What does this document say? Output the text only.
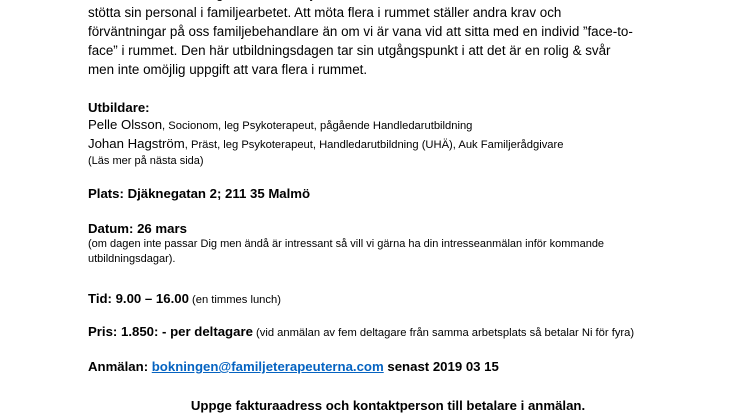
stötta sin personal i familjearbetet. Att möta flera i rummet ställer andra krav och
förväntningar på oss familjebehandlare än om vi är vana vid att sitta med en individ ”face-to-
face” i rummet. Den här utbildningsdagen tar sin utgångspunkt i att det är en rolig & svår
men inte omöjlig uppgift att vara flera i rummet.
Utbildare:
Pelle Olsson, Socionom, leg Psykoterapeut, pågående Handledarutbildning
Johan Hagström, Präst, leg Psykoterapeut, Handledarutbildning (UHÄ), Auk Familjerådgivare
(Läs mer på nästa sida)
Plats: Djäknegatan 2; 211 35 Malmö
Datum: 26 mars
(om dagen inte passar Dig men ändå är intressant så vill vi gärna ha din intresseanmälan inför kommande
utbildningsdagar).
Tid: 9.00 – 16.00 (en timmes lunch)
Pris: 1.850: - per deltagare (vid anmälan av fem deltagare från samma arbetsplats så betalar Ni för fyra)
Anmälan: bokningen@familjeterapeuterna.com senast 2019 03 15
Uppge fakturaadress och kontaktperson till betalare i anmälan.
